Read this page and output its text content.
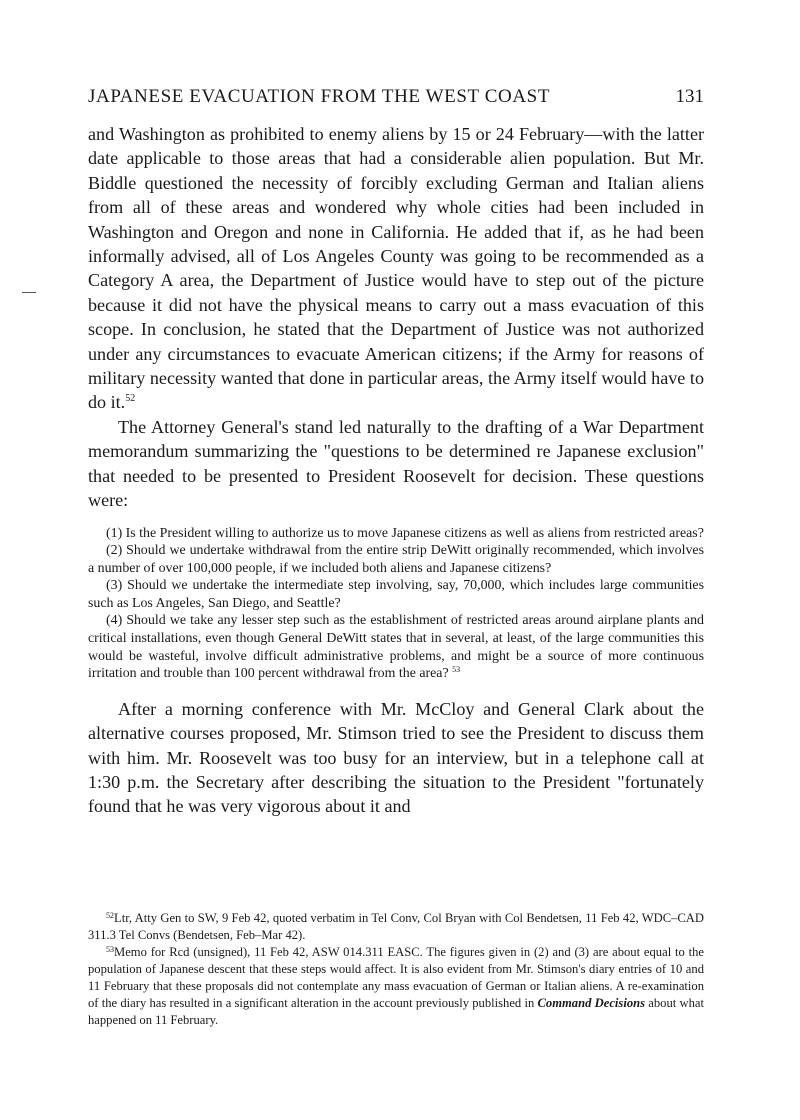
JAPANESE EVACUATION FROM THE WEST COAST	131

and Washington as prohibited to enemy aliens by 15 or 24 February—with the latter date applicable to those areas that had a considerable alien population. But Mr. Biddle questioned the necessity of forcibly excluding German and Italian aliens from all of these areas and wondered why whole cities had been included in Washington and Oregon and none in California. He added that if, as he had been informally advised, all of Los Angeles County was going to be recommended as a Category A area, the Department of Justice would have to step out of the picture because it did not have the physical means to carry out a mass evacuation of this scope. In conclusion, he stated that the Department of Justice was not authorized under any circumstances to evacuate American citizens; if the Army for reasons of military necessity wanted that done in particular areas, the Army itself would have to do it.$^{52}$

The Attorney General's stand led naturally to the drafting of a War Department memorandum summarizing the "questions to be determined re Japanese exclusion" that needed to be presented to President Roosevelt for decision. These questions were:

(1) Is the President willing to authorize us to move Japanese citizens as well as aliens from restricted areas?

(2) Should we undertake withdrawal from the entire strip DeWitt originally recommended, which involves a number of over 100,000 people, if we included both aliens and Japanese citizens?

(3) Should we undertake the intermediate step involving, say, 70,000, which includes large communities such as Los Angeles, San Diego, and Seattle?

(4) Should we take any lesser step such as the establishment of restricted areas around airplane plants and critical installations, even though General DeWitt states that in several, at least, of the large communities this would be wasteful, involve difficult administrative problems, and might be a source of more continuous irritation and trouble than 100 percent withdrawal from the area? $^{53}$

After a morning conference with Mr. McCloy and General Clark about the alternative courses proposed, Mr. Stimson tried to see the President to discuss them with him. Mr. Roosevelt was too busy for an interview, but in a telephone call at 1:30 p.m. the Secretary after describing the situation to the President "fortunately found that he was very vigorous about it and

$^{52}$Ltr, Atty Gen to SW, 9 Feb 42, quoted verbatim in Tel Conv, Col Bryan with Col Bendetsen, 11 Feb 42, WDC–CAD 311.3 Tel Convs (Bendetsen, Feb–Mar 42).

$^{53}$Memo for Rcd (unsigned), 11 Feb 42, ASW 014.311 EASC. The figures given in (2) and (3) are about equal to the population of Japanese descent that these steps would affect. It is also evident from Mr. Stimson's diary entries of 10 and 11 February that these proposals did not contemplate any mass evacuation of German or Italian aliens. A re-examination of the diary has resulted in a significant alteration in the account previously published in Command Decisions about what happened on 11 February.
